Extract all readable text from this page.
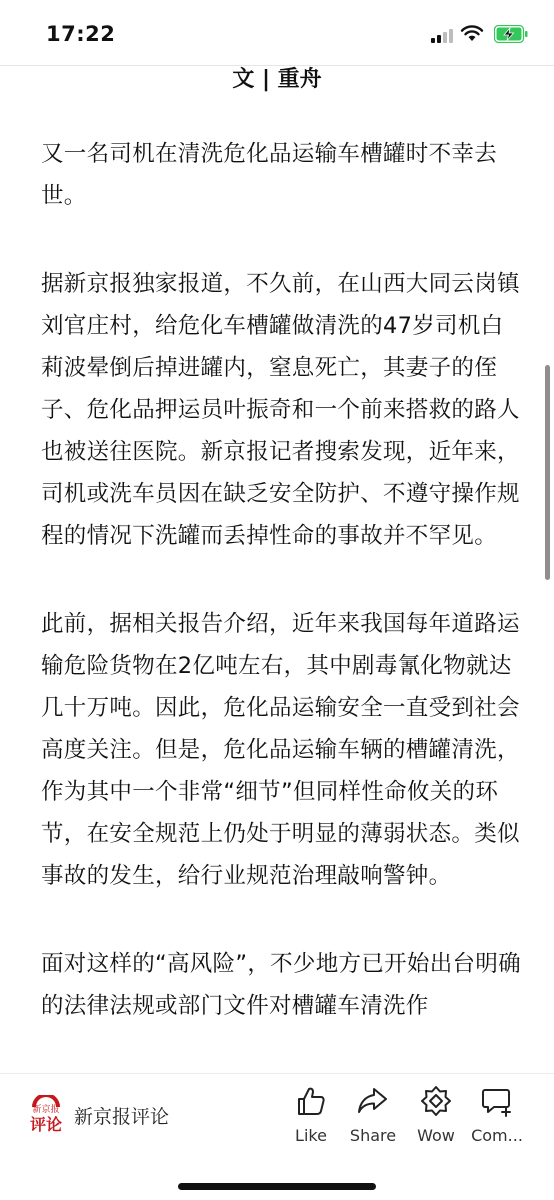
17:22
文 | 重舟

又一名司机在清洗危化品运输车槽罐时不幸去世。

据新京报独家报道，不久前，在山西大同云岗镇刘官庄村，给危化车槽罐做清洗的47岁司机白莉波晕倒后掉进罐内，窒息死亡，其妻子的侄子、危化品押运员叶振奇和一个前来搭救的路人也被送往医院。新京报记者搜索发现，近年来，司机或洗车员因在缺乏安全防护、不遵守操作规程的情况下洗罐而丢掉性命的事故并不罕见。

此前，据相关报告介绍，近年来我国每年道路运输危险货物在2亿吨左右，其中剧毒氰化物就达几十万吨。因此，危化品运输安全一直受到社会高度关注。但是，危化品运输车辆的槽罐清洗，作为其中一个非常“细节”但同样性命攸关的环节，在安全规范上仍处于明显的薄弱状态。类似事故的发生，给行业规范治理敲响警钟。

面对这样的“高风险”，不少地方已开始出台明确的法律法规或部门文件对槽罐车清洗作

新京报
评论 新京报评论
Like	Share	Wow	Com...
